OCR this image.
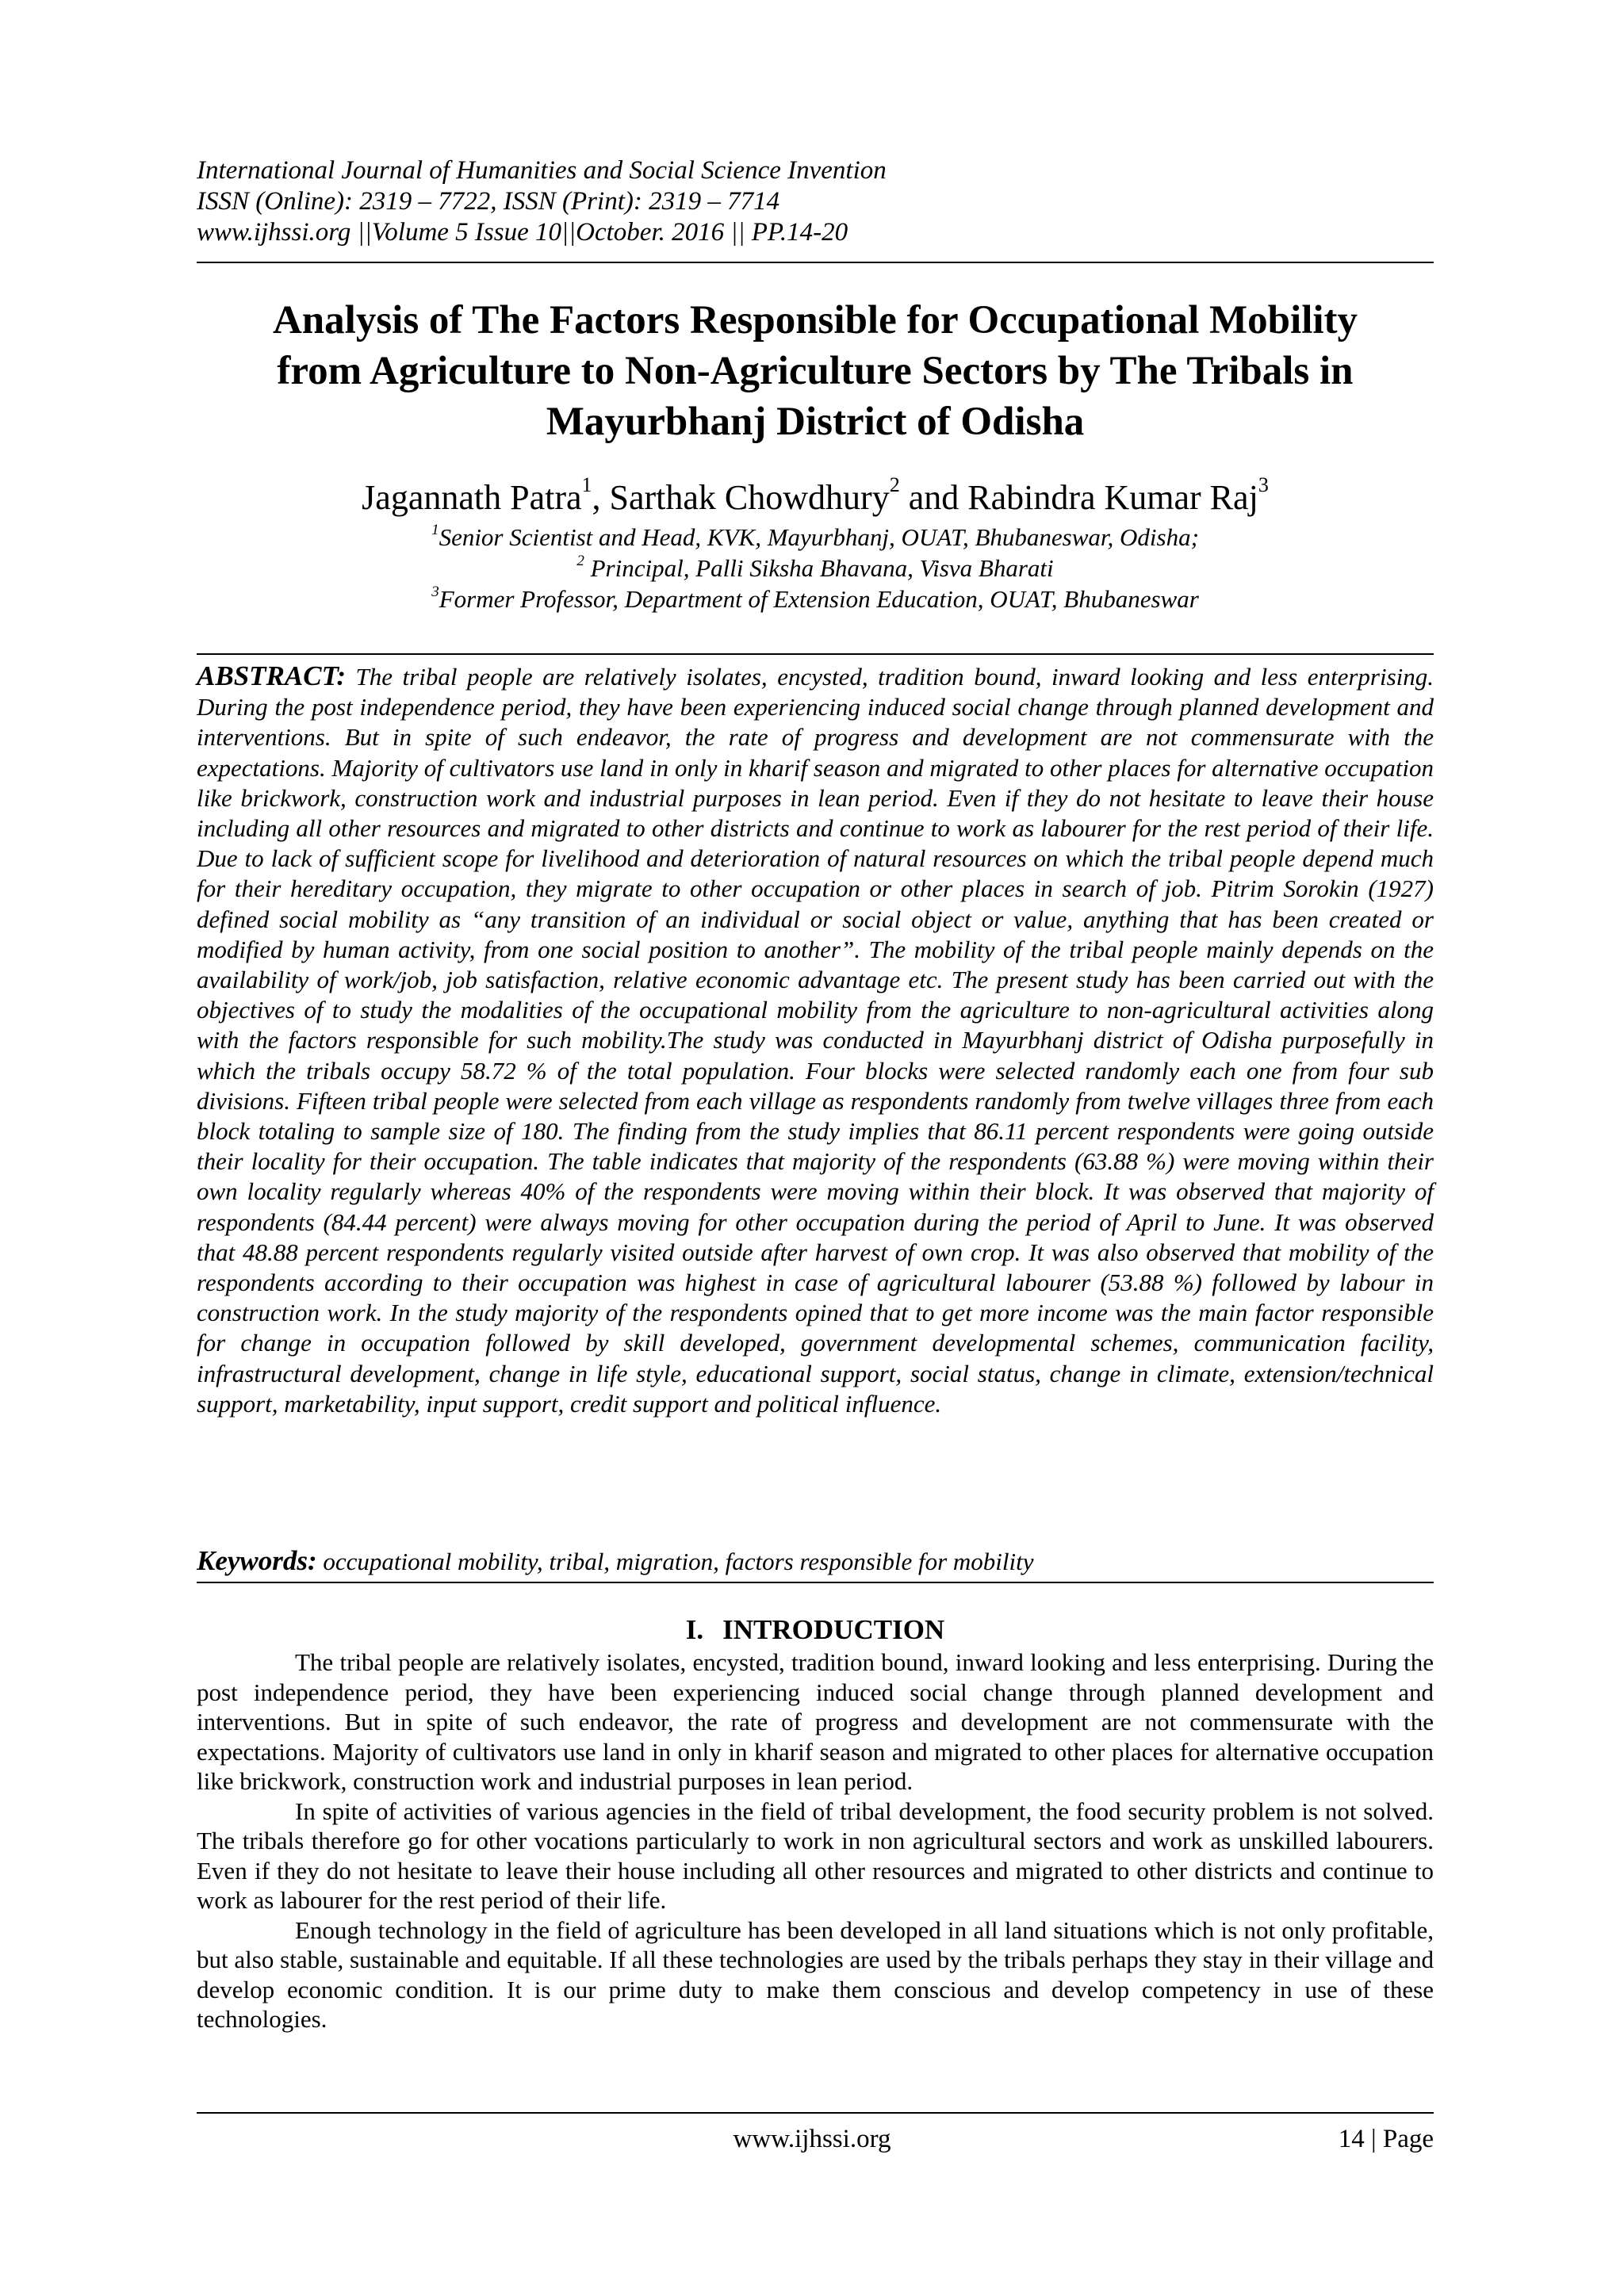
International Journal of Humanities and Social Science Invention
ISSN (Online): 2319 – 7722, ISSN (Print): 2319 – 7714
www.ijhssi.org ||Volume 5 Issue 10||October. 2016 || PP.14-20
Analysis of The Factors Responsible for Occupational Mobility
from Agriculture to Non-Agriculture Sectors by The Tribals in
Mayurbhanj District of Odisha
Jagannath Patra$^1$, Sarthak Chowdhury$^2$ and Rabindra Kumar Raj$^3$
$^1$Senior Scientist and Head, KVK, Mayurbhanj, OUAT, Bhubaneswar, Odisha;
$^2$ Principal, Palli Siksha Bhavana, Visva Bharati
$^3$Former Professor, Department of Extension Education, OUAT, Bhubaneswar
ABSTRACT: The tribal people are relatively isolates, encysted, tradition bound, inward looking and less enterprising. During the post independence period, they have been experiencing induced social change through planned development and interventions. But in spite of such endeavor, the rate of progress and development are not commensurate with the expectations. Majority of cultivators use land in only in kharif season and migrated to other places for alternative occupation like brickwork, construction work and industrial purposes in lean period. Even if they do not hesitate to leave their house including all other resources and migrated to other districts and continue to work as labourer for the rest period of their life. Due to lack of sufficient scope for livelihood and deterioration of natural resources on which the tribal people depend much for their hereditary occupation, they migrate to other occupation or other places in search of job. Pitrim Sorokin (1927) defined social mobility as “any transition of an individual or social object or value, anything that has been created or modified by human activity, from one social position to another”. The mobility of the tribal people mainly depends on the availability of work/job, job satisfaction, relative economic advantage etc. The present study has been carried out with the objectives of to study the modalities of the occupational mobility from the agriculture to non-agricultural activities along with the factors responsible for such mobility.The study was conducted in Mayurbhanj district of Odisha purposefully in which the tribals occupy 58.72 % of the total population. Four blocks were selected randomly each one from four sub divisions. Fifteen tribal people were selected from each village as respondents randomly from twelve villages three from each block totaling to sample size of 180. The finding from the study implies that 86.11 percent respondents were going outside their locality for their occupation. The table indicates that majority of the respondents (63.88 %) were moving within their own locality regularly whereas 40% of the respondents were moving within their block. It was observed that majority of respondents (84.44 percent) were always moving for other occupation during the period of April to June. It was observed that 48.88 percent respondents regularly visited outside after harvest of own crop. It was also observed that mobility of the respondents according to their occupation was highest in case of agricultural labourer (53.88 %) followed by labour in construction work. In the study majority of the respondents opined that to get more income was the main factor responsible for change in occupation followed by skill developed, government developmental schemes, communication facility, infrastructural development, change in life style, educational support, social status, change in climate, extension/technical support, marketability, input support, credit support and political influence.
Keywords: occupational mobility, tribal, migration, factors responsible for mobility
I. INTRODUCTION

The tribal people are relatively isolates, encysted, tradition bound, inward looking and less enterprising. During the post independence period, they have been experiencing induced social change through planned development and interventions. But in spite of such endeavor, the rate of progress and development are not commensurate with the expectations. Majority of cultivators use land in only in kharif season and migrated to other places for alternative occupation like brickwork, construction work and industrial purposes in lean period.

In spite of activities of various agencies in the field of tribal development, the food security problem is not solved. The tribals therefore go for other vocations particularly to work in non agricultural sectors and work as unskilled labourers. Even if they do not hesitate to leave their house including all other resources and migrated to other districts and continue to work as labourer for the rest period of their life.

Enough technology in the field of agriculture has been developed in all land situations which is not only profitable, but also stable, sustainable and equitable. If all these technologies are used by the tribals perhaps they stay in their village and develop economic condition. It is our prime duty to make them conscious and develop competency in use of these technologies.

www.ijhssi.org	14 | Page
